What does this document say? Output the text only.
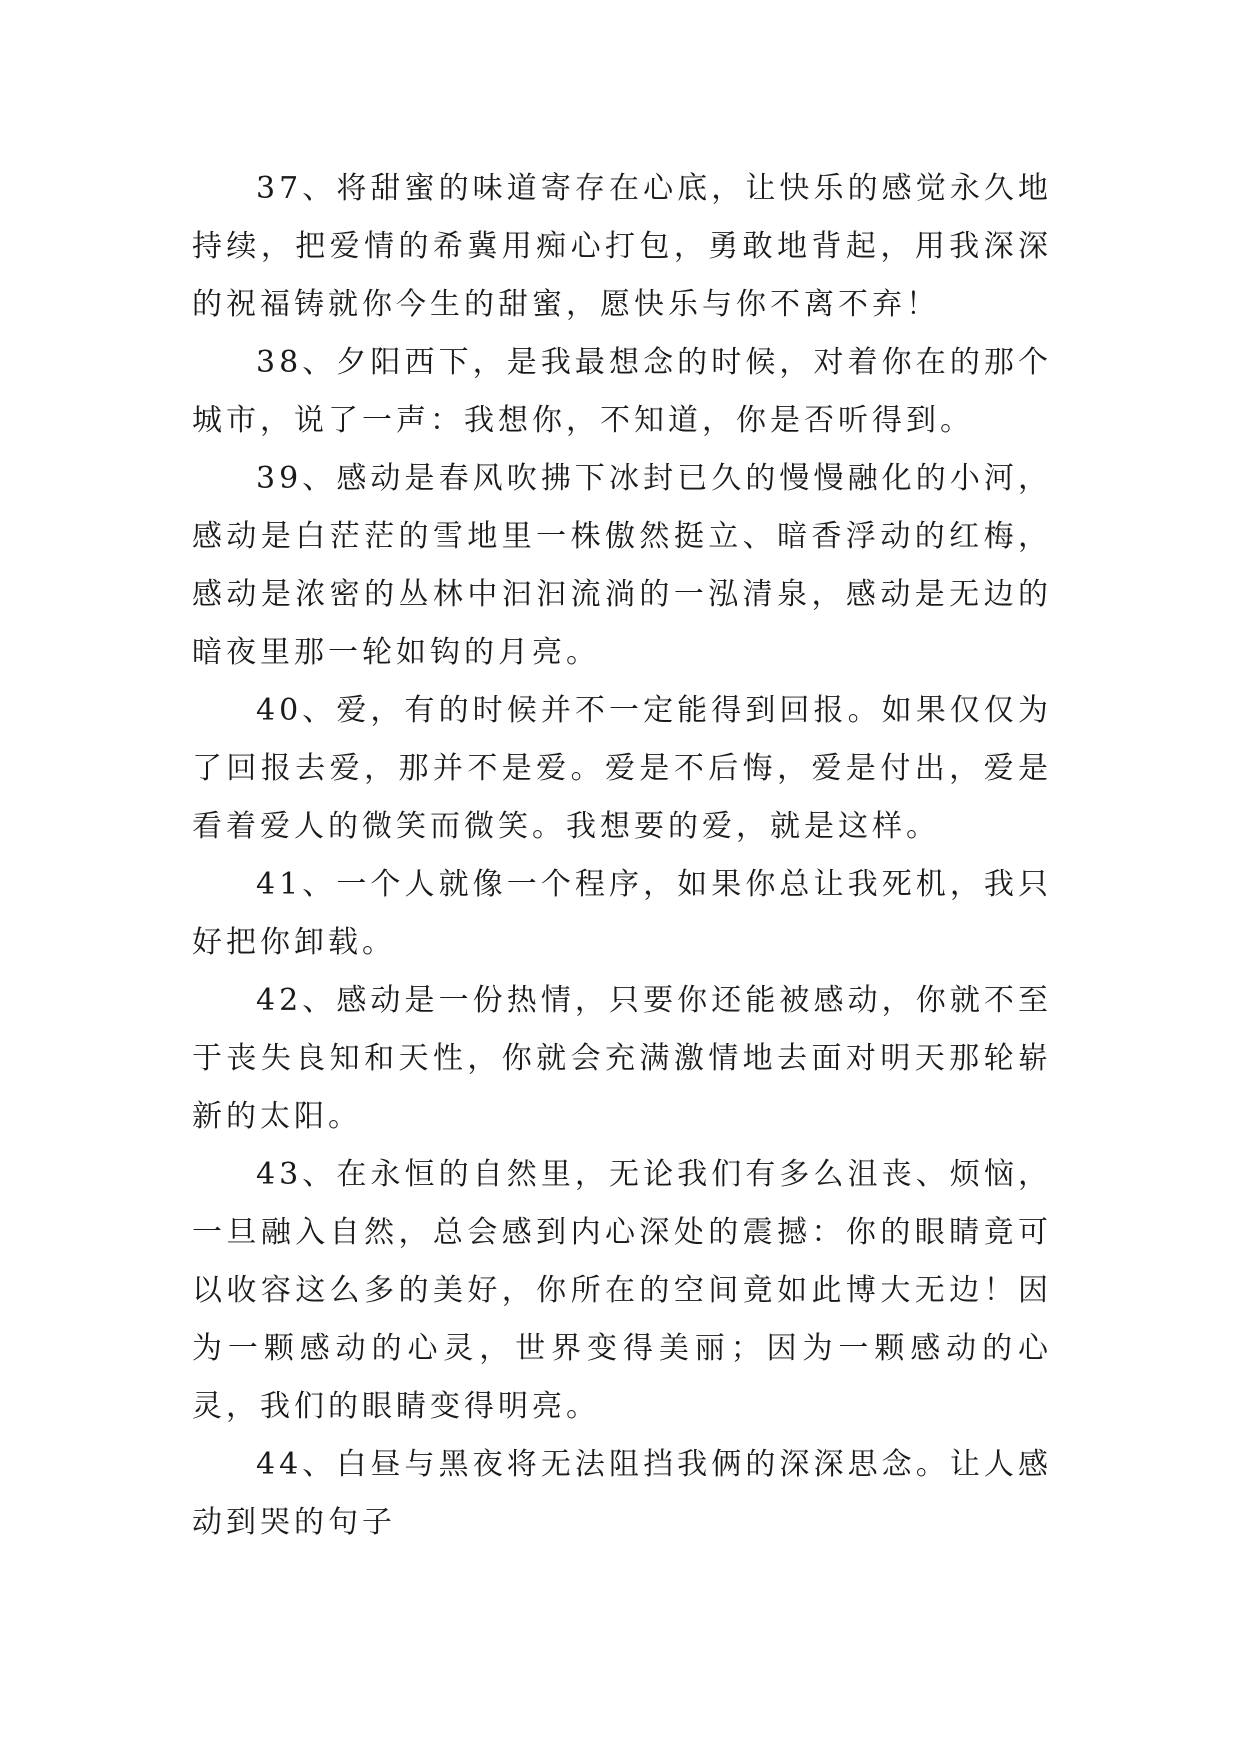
37、将甜蜜的味道寄存在心底，让快乐的感觉永久地持续，把爱情的希冀用痴心打包，勇敢地背起，用我深深的祝福铸就你今生的甜蜜，愿快乐与你不离不弃！

38、夕阳西下，是我最想念的时候，对着你在的那个城市，说了一声：我想你，不知道，你是否听得到。

39、感动是春风吹拂下冰封已久的慢慢融化的小河，感动是白茫茫的雪地里一株傲然挺立、暗香浮动的红梅，感动是浓密的丛林中汩汩流淌的一泓清泉，感动是无边的暗夜里那一轮如钩的月亮。

40、爱，有的时候并不一定能得到回报。如果仅仅为了回报去爱，那并不是爱。爱是不后悔，爱是付出，爱是看着爱人的微笑而微笑。我想要的爱，就是这样。

41、一个人就像一个程序，如果你总让我死机，我只好把你卸载。

42、感动是一份热情，只要你还能被感动，你就不至于丧失良知和天性，你就会充满激情地去面对明天那轮崭新的太阳。

43、在永恒的自然里，无论我们有多么沮丧、烦恼，一旦融入自然，总会感到内心深处的震撼：你的眼睛竟可以收容这么多的美好，你所在的空间竟如此博大无边！因为一颗感动的心灵，世界变得美丽；因为一颗感动的心灵，我们的眼睛变得明亮。

44、白昼与黑夜将无法阻挡我俩的深深思念。让人感动到哭的句子
